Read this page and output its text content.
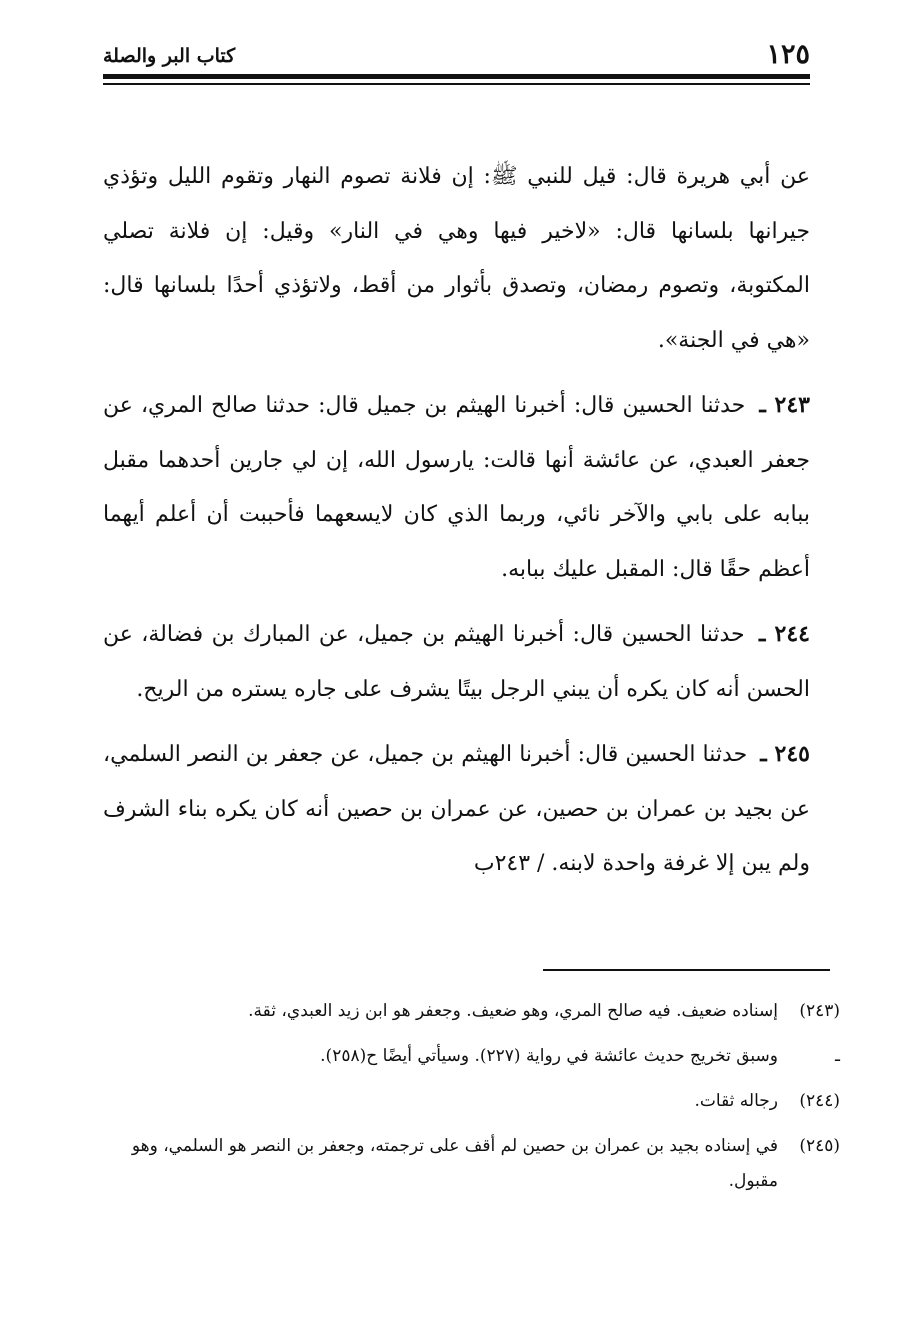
١٢٥
كتاب البر والصلة

عن أبي هريرة قال: قيل للنبي ﷺ: إن فلانة تصوم النهار وتقوم الليل وتؤذي جيرانها بلسانها قال: «لاخير فيها وهي في النار» وقيل: إن فلانة تصلي المكتوبة، وتصوم رمضان، وتصدق بأثوار من أقط، ولاتؤذي أحدًا بلسانها قال: «هي في الجنة».

٢٤٣ ـ حدثنا الحسين قال: أخبرنا الهيثم بن جميل قال: حدثنا صالح المري، عن جعفر العبدي، عن عائشة أنها قالت: يارسول الله، إن لي جارين أحدهما مقبل ببابه على بابي والآخر نائي، وربما الذي كان لايسعهما فأحببت أن أعلم أيهما أعظم حقًا قال: المقبل عليك ببابه.

٢٤٤ ـ حدثنا الحسين قال: أخبرنا الهيثم بن جميل، عن المبارك بن فضالة، عن الحسن أنه كان يكره أن يبني الرجل بيتًا يشرف على جاره يستره من الريح.

٢٤٥ ـ حدثنا الحسين قال: أخبرنا الهيثم بن جميل، عن جعفر بن النصر السلمي، عن بجيد بن عمران بن حصين، عن عمران بن حصين أنه كان يكره بناء الشرف ولم يبن إلا غرفة واحدة لابنه. / ٢٤٣ب

(٢٤٣)
إسناده ضعيف. فيه صالح المري، وهو ضعيف. وجعفر هو ابن زيد العبدي، ثقة.
ـ
وسبق تخريج حديث عائشة في رواية (٢٢٧). وسيأتي أيضًا ح(٢٥٨).
(٢٤٤)
رجاله ثقات.
(٢٤٥)
في إسناده بجيد بن عمران بن حصين لم أقف على ترجمته، وجعفر بن النصر هو السلمي، وهو مقبول.
